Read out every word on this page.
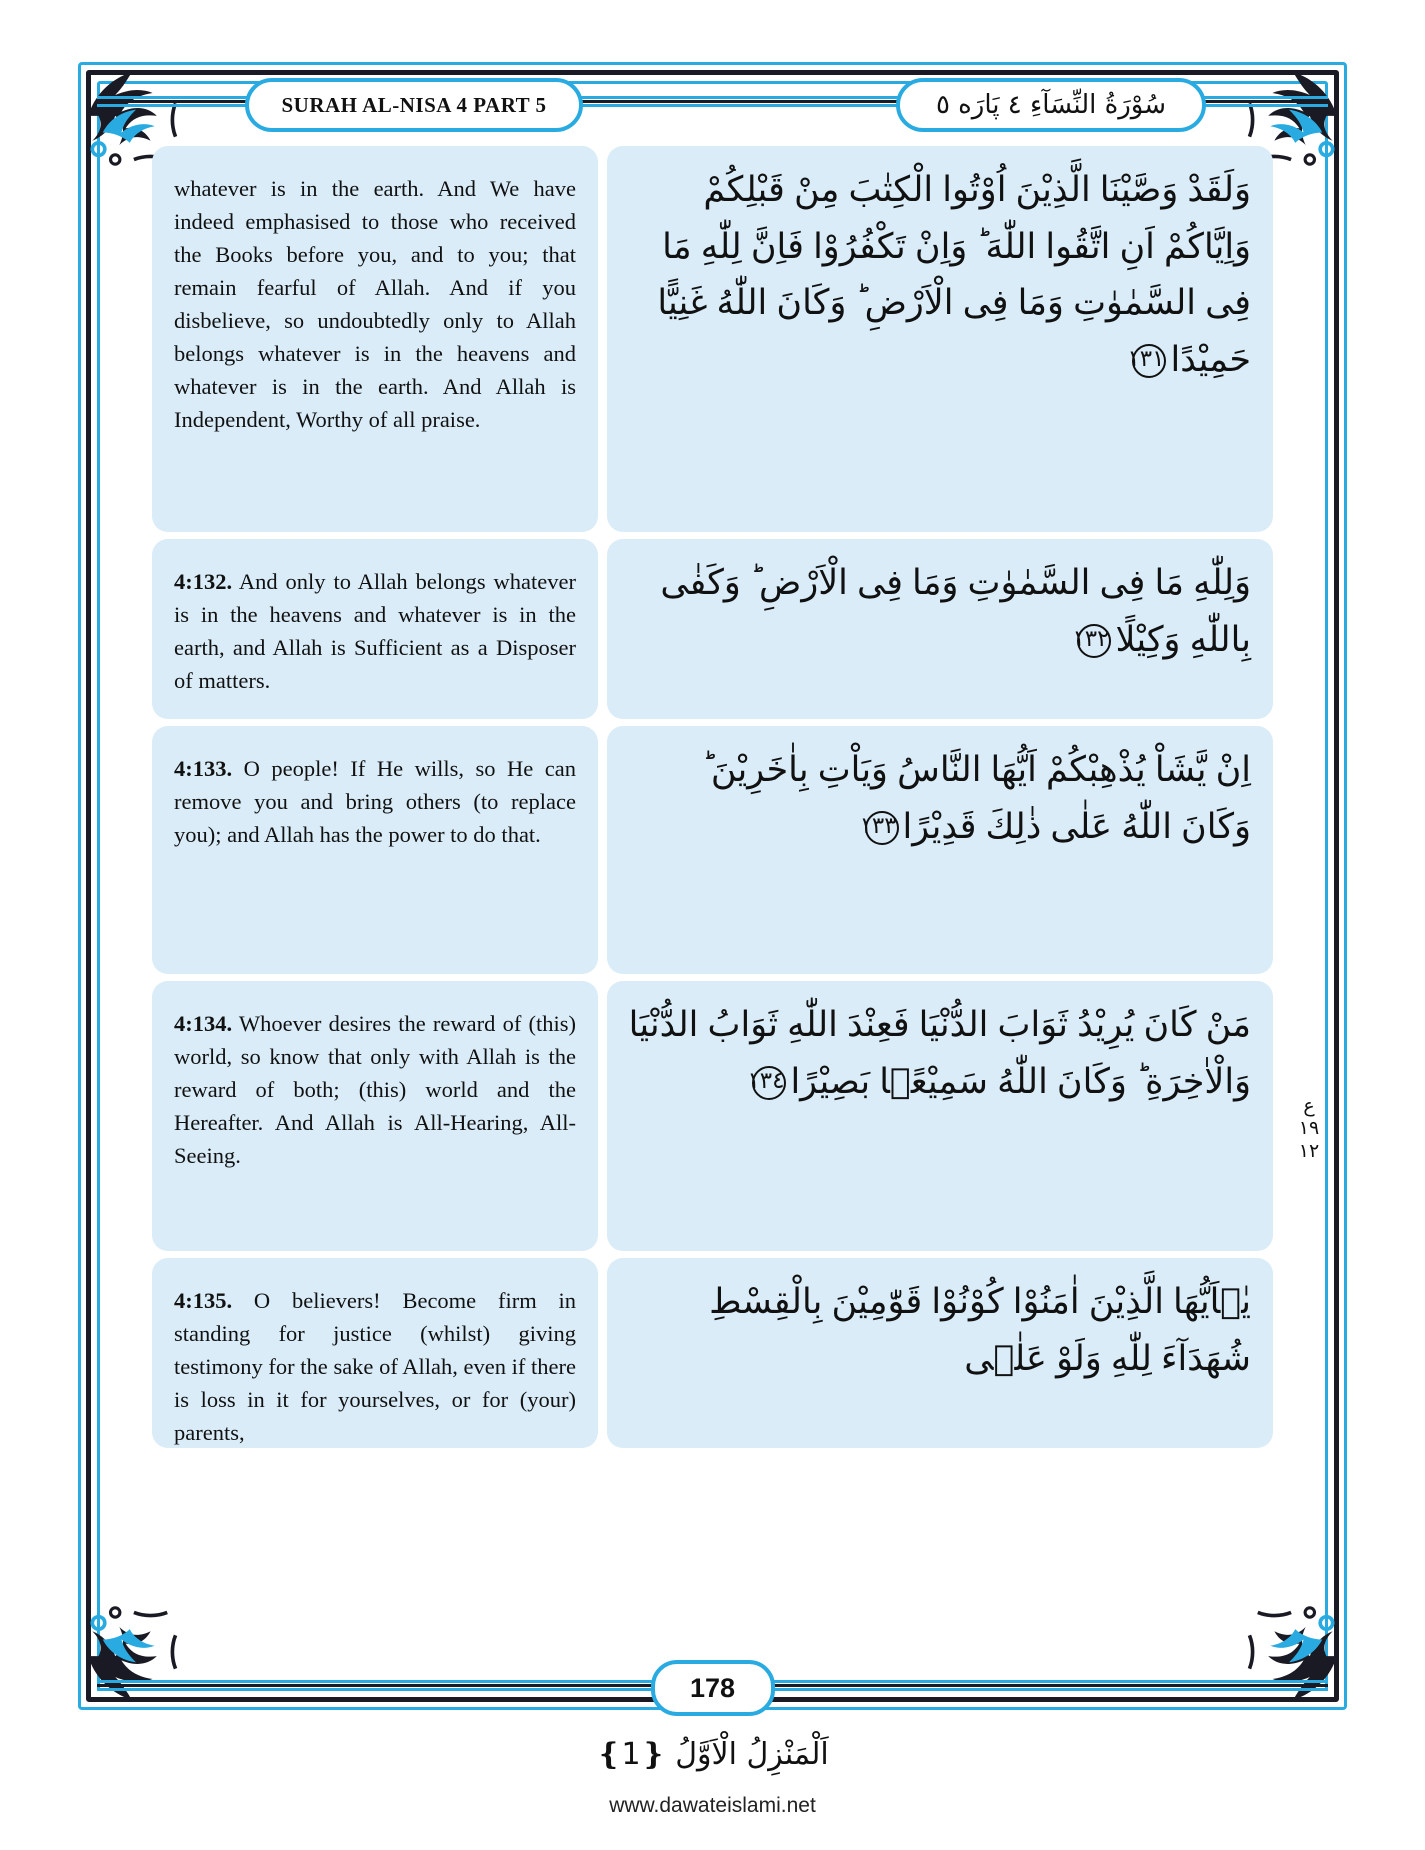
SURAH AL-NISA 4 PART 5	سُوْرَةُ النِّسَآءِ ٤ پَارَه ٥
whatever is in the earth. And We have indeed emphasised to those who received the Books before you, and to you; that remain fearful of Allah. And if you disbelieve, so undoubtedly only to Allah belongs whatever is in the heavens and whatever is in the earth. And Allah is Independent, Worthy of all praise.
وَلَقَدْ وَصَّيْنَا الَّذِيْنَ اُوْتُوا الْكِتٰبَ مِنْ قَبْلِكُمْ وَاِيَّاكُمْ اَنِ اتَّقُوا اللّٰهَ ؕ وَاِنْ تَكْفُرُوْا فَاِنَّ لِلّٰهِ مَا فِى السَّمٰوٰتِ وَمَا فِى الْاَرْضِ ؕ وَكَانَ اللّٰهُ غَنِيًّا حَمِيْدًا١٣١
4:132. And only to Allah belongs whatever is in the heavens and whatever is in the earth, and Allah is Sufficient as a Disposer of matters.
وَلِلّٰهِ مَا فِى السَّمٰوٰتِ وَمَا فِى الْاَرْضِ ؕ وَكَفٰى بِاللّٰهِ وَكِيْلًا١٣٢
4:133. O people! If He wills, so He can remove you and bring others (to replace you); and Allah has the power to do that.
اِنْ يَّشَاْ يُذْهِبْكُمْ اَيُّهَا النَّاسُ وَيَاْتِ بِاٰخَرِيْنَ ؕ وَكَانَ اللّٰهُ عَلٰى ذٰلِكَ قَدِيْرًا١٣٣
4:134. Whoever desires the reward of (this) world, so know that only with Allah is the reward of both; (this) world and the Hereafter. And Allah is All-Hearing, All-Seeing.
مَنْ كَانَ يُرِيْدُ ثَوَابَ الدُّنْيَا فَعِنْدَ اللّٰهِ ثَوَابُ الدُّنْيَا وَالْاٰخِرَةِ ؕ وَكَانَ اللّٰهُ سَمِيْعًۢا بَصِيْرًا١٣٤
4:135. O believers! Become firm in standing for justice (whilst) giving testimony for the sake of Allah, even if there is loss in it for yourselves, or for (your) parents,
يٰۤاَيُّهَا الَّذِيْنَ اٰمَنُوْا كُوْنُوْا قَوّٰمِيْنَ بِالْقِسْطِ شُهَدَآءَ لِلّٰهِ وَلَوْ عَلٰۤى
ع
١٩
١٢
178
اَلْمَنْزِلُ الْاَوَّلُ ❴1❵
www.dawateislami.net
